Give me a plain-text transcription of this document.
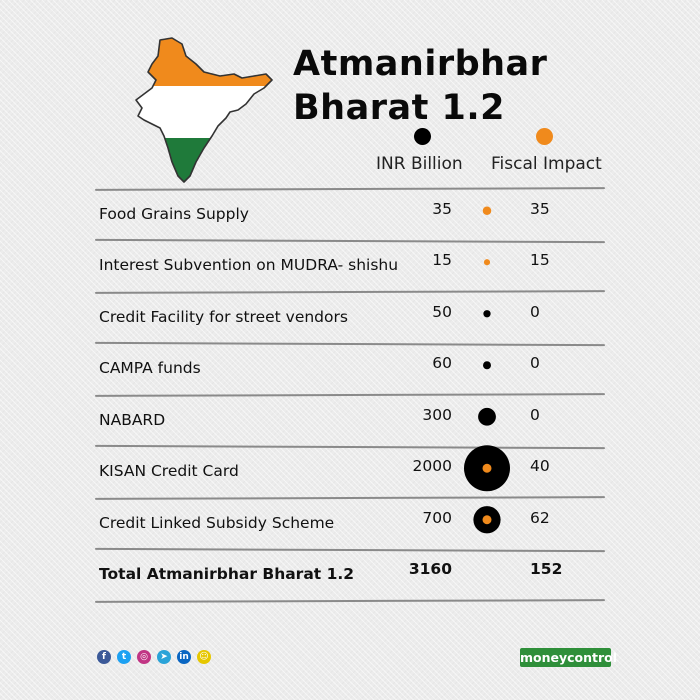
Atmanirbhar
Bharat 1.2
INR Billion Fiscal Impact
Food Grains Supply	35	35
Interest Subvention on MUDRA- shishu	15	15
Credit Facility for street vendors	50	0
CAMPA funds	60	0
NABARD	300	0
KISAN Credit Card	2000	40
Credit Linked Subsidy Scheme	700	62
Total Atmanirbhar Bharat 1.2	3160	152
f	t	◎	➤	in ☺	moneycontrol
